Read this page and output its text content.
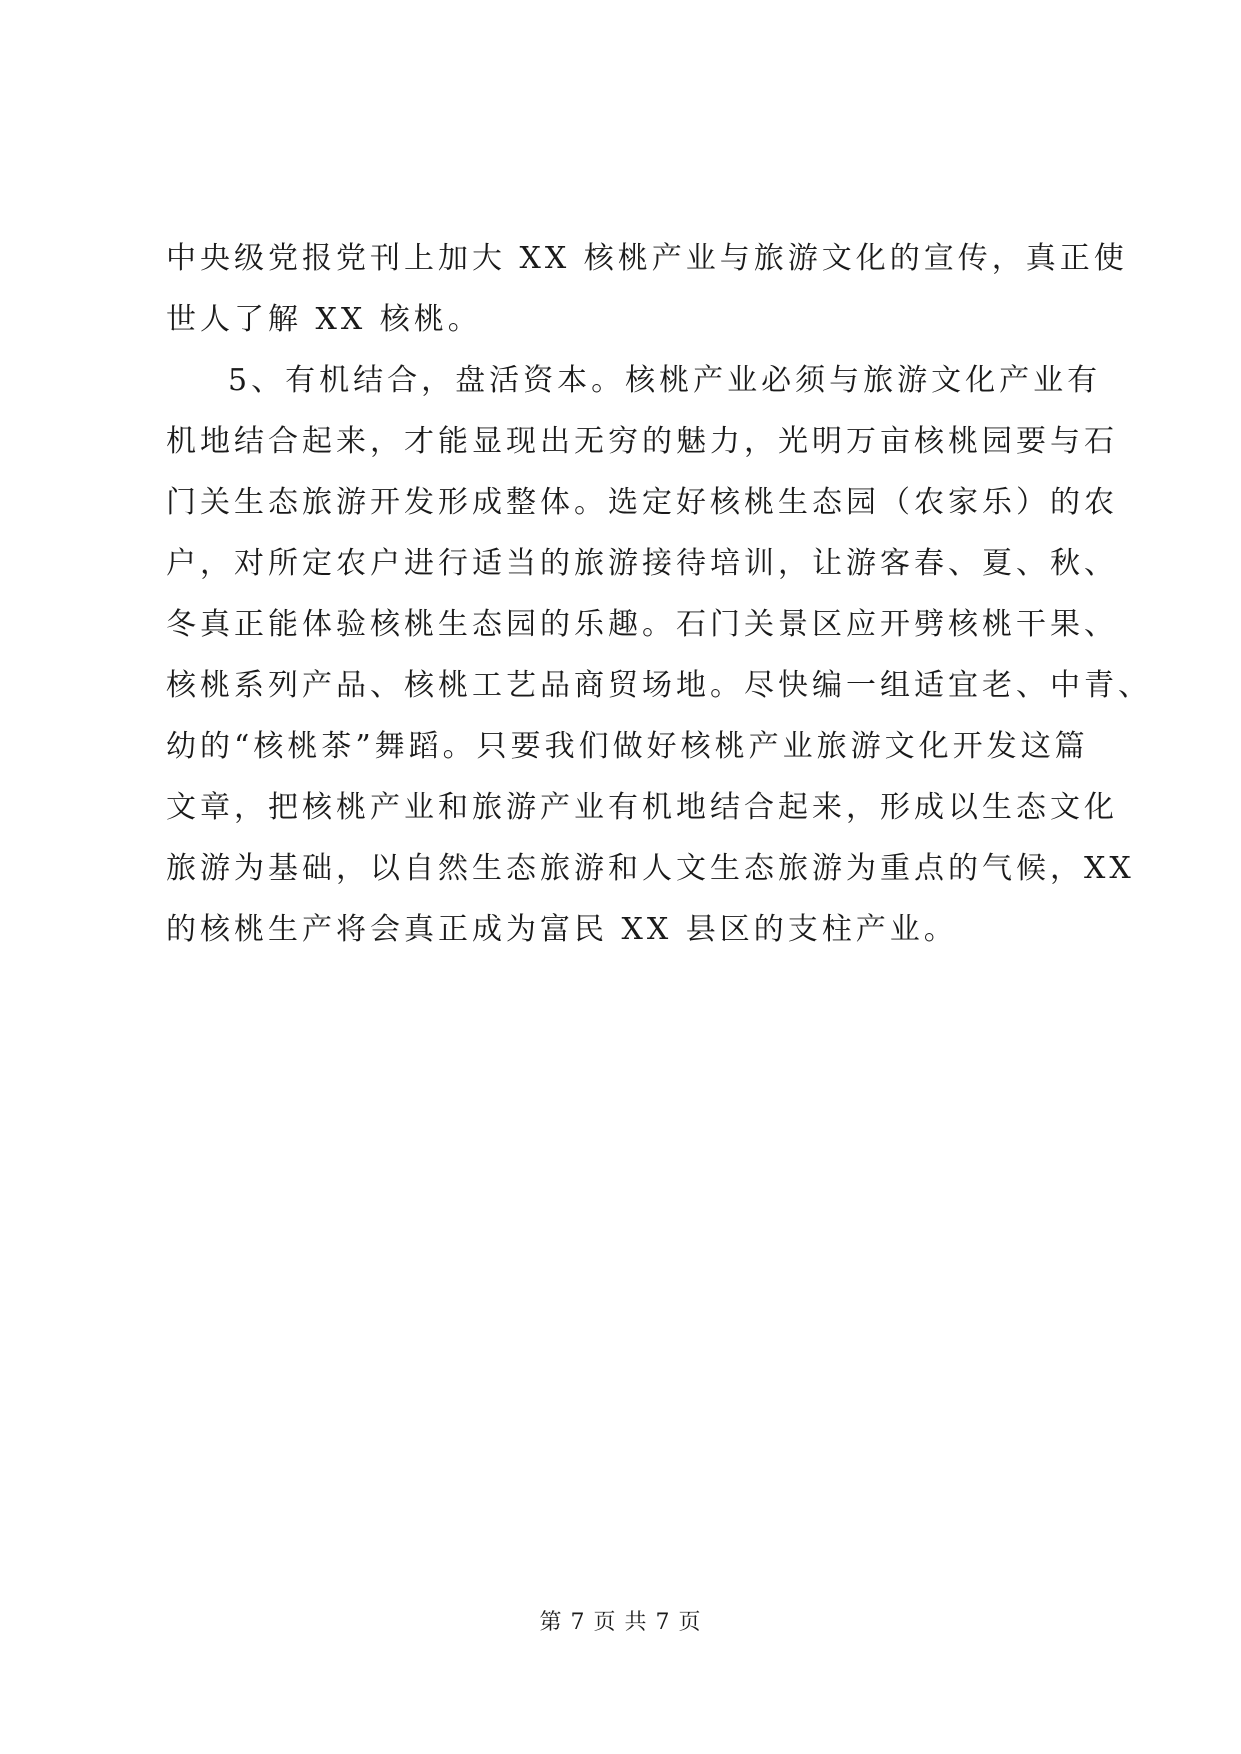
中央级党报党刊上加大 XX 核桃产业与旅游文化的宣传，真正使
世人了解 XX 核桃。
5、有机结合，盘活资本。核桃产业必须与旅游文化产业有
机地结合起来，才能显现出无穷的魅力，光明万亩核桃园要与石
门关生态旅游开发形成整体。选定好核桃生态园（农家乐）的农
户，对所定农户进行适当的旅游接待培训，让游客春、夏、秋、
冬真正能体验核桃生态园的乐趣。石门关景区应开劈核桃干果、
核桃系列产品、核桃工艺品商贸场地。尽快编一组适宜老、中青、
幼的“核桃茶”舞蹈。只要我们做好核桃产业旅游文化开发这篇
文章，把核桃产业和旅游产业有机地结合起来，形成以生态文化
旅游为基础，以自然生态旅游和人文生态旅游为重点的气候，XX
的核桃生产将会真正成为富民 XX 县区的支柱产业。
第 7 页 共 7 页
